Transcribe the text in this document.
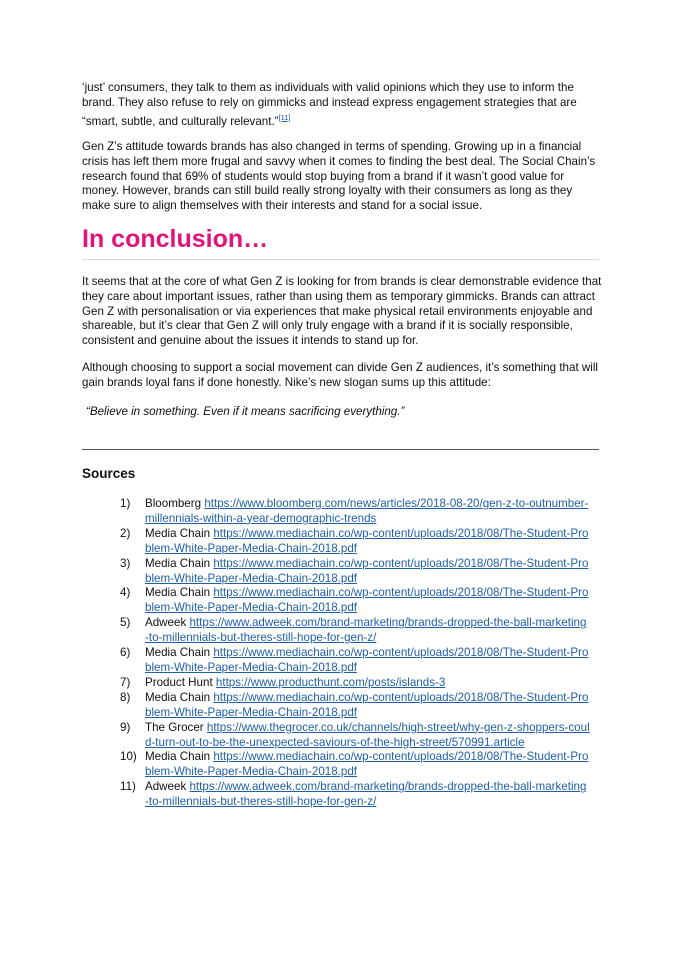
‘just’ consumers, they talk to them as individuals with valid opinions which they use to inform the brand. They also refuse to rely on gimmicks and instead express engagement strategies that are “smart, subtle, and culturally relevant.”[11]

Gen Z’s attitude towards brands has also changed in terms of spending. Growing up in a financial crisis has left them more frugal and savvy when it comes to finding the best deal. The Social Chain’s research found that 69% of students would stop buying from a brand if it wasn’t good value for money. However, brands can still build really strong loyalty with their consumers as long as they make sure to align themselves with their interests and stand for a social issue.

In conclusion…

It seems that at the core of what Gen Z is looking for from brands is clear demonstrable evidence that they care about important issues, rather than using them as temporary gimmicks. Brands can attract Gen Z with personalisation or via experiences that make physical retail environments enjoyable and shareable, but it’s clear that Gen Z will only truly engage with a brand if it is socially responsible, consistent and genuine about the issues it intends to stand up for.

Although choosing to support a social movement can divide Gen Z audiences, it’s something that will gain brands loyal fans if done honestly. Nike’s new slogan sums up this attitude:

“Believe in something. Even if it means sacrificing everything.”

Sources
1)	Bloomberg https://www.bloomberg.com/news/articles/2018-08-20/gen-z-to-outnumber-millennials-within-a-year-demographic-trends
2)	Media Chain https://www.mediachain.co/wp-content/uploads/2018/08/The-Student-Problem-White-Paper-Media-Chain-2018.pdf
3)	Media Chain https://www.mediachain.co/wp-content/uploads/2018/08/The-Student-Problem-White-Paper-Media-Chain-2018.pdf
4)	Media Chain https://www.mediachain.co/wp-content/uploads/2018/08/The-Student-Problem-White-Paper-Media-Chain-2018.pdf
5)	Adweek https://www.adweek.com/brand-marketing/brands-dropped-the-ball-marketing-to-millennials-but-theres-still-hope-for-gen-z/
6)	Media Chain https://www.mediachain.co/wp-content/uploads/2018/08/The-Student-Problem-White-Paper-Media-Chain-2018.pdf
7)	Product Hunt https://www.producthunt.com/posts/islands-3
8)	Media Chain https://www.mediachain.co/wp-content/uploads/2018/08/The-Student-Problem-White-Paper-Media-Chain-2018.pdf
9)	The Grocer https://www.thegrocer.co.uk/channels/high-street/why-gen-z-shoppers-could-turn-out-to-be-the-unexpected-saviours-of-the-high-street/570991.article
10) Media Chain https://www.mediachain.co/wp-content/uploads/2018/08/The-Student-Problem-White-Paper-Media-Chain-2018.pdf
11) Adweek https://www.adweek.com/brand-marketing/brands-dropped-the-ball-marketing-to-millennials-but-theres-still-hope-for-gen-z/
